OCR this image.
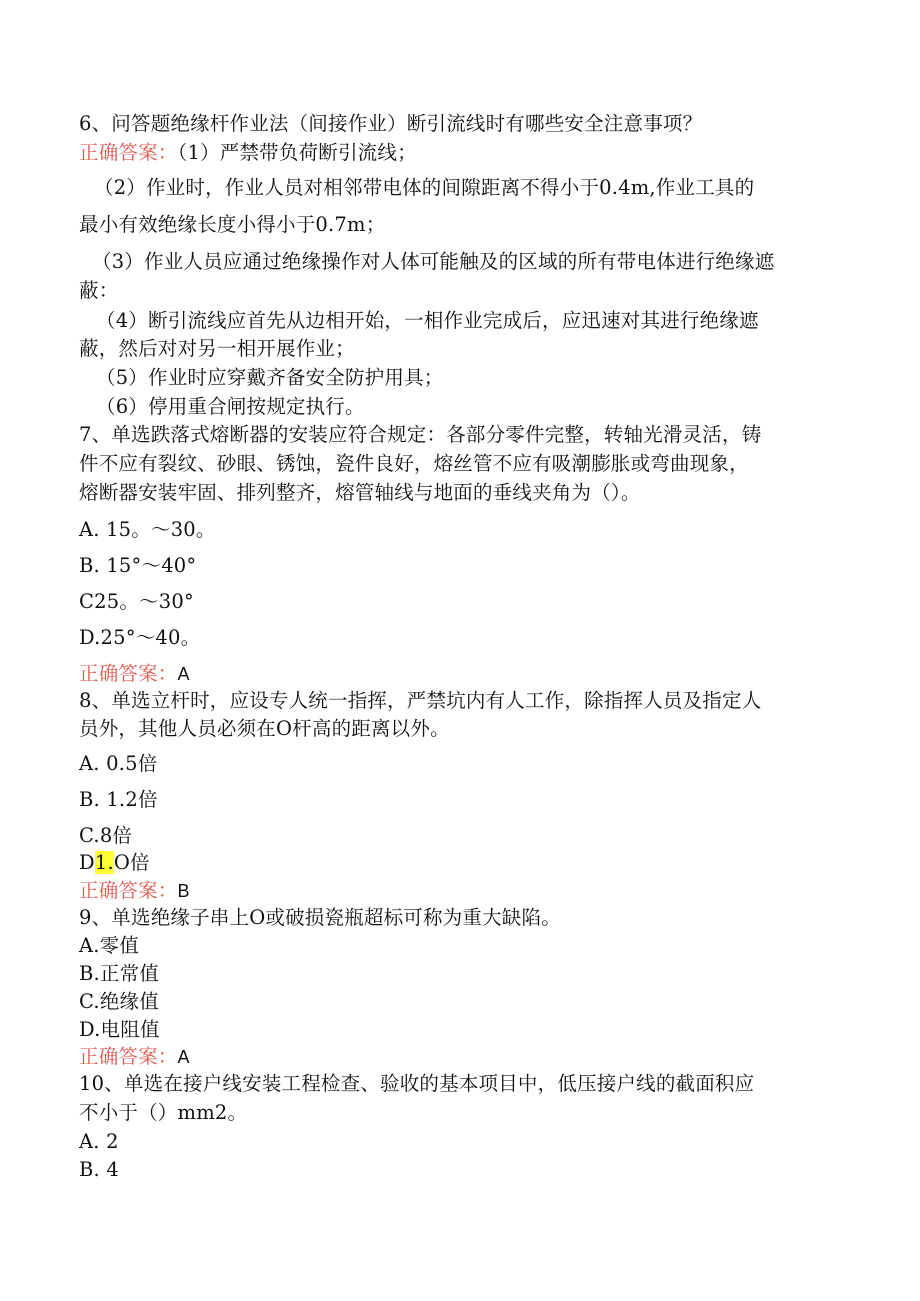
6、问答题绝缘杆作业法（间接作业）断引流线时有哪些安全注意事项？
正确答案：（1）严禁带负荷断引流线；
（2）作业时，作业人员对相邻带电体的间隙距离不得小于0.4m,作业工具的
最小有效绝缘长度小得小于0.7m；
（3）作业人员应通过绝缘操作对人体可能触及的区域的所有带电体进行绝缘遮
蔽：
（4）断引流线应首先从边相开始，一相作业完成后，应迅速对其进行绝缘遮
蔽，然后对对另一相开展作业；
（5）作业时应穿戴齐备安全防护用具；
（6）停用重合闸按规定执行。
7、单选跌落式熔断器的安装应符合规定：各部分零件完整，转轴光滑灵活，铸
件不应有裂纹、砂眼、锈蚀，瓷件良好，熔丝管不应有吸潮膨胀或弯曲现象，
熔断器安装牢固、排列整齐，熔管轴线与地面的垂线夹角为（）。
A. 15。～30。
B. 15°～40°
C25。～30°
D.25°～40。
正确答案：A
8、单选立杆时，应设专人统一指挥，严禁坑内有人工作，除指挥人员及指定人
员外，其他人员必须在O杆高的距离以外。
A. 0.5倍
B. 1.2倍
C.8倍
D1.O倍
正确答案：B
9、单选绝缘子串上O或破损瓷瓶超标可称为重大缺陷。
A.零值
B.正常值
C.绝缘值
D.电阻值
正确答案：A
10、单选在接户线安装工程检查、验收的基本项目中，低压接户线的截面积应
不小于（）mm2。
A. 2
B. 4
